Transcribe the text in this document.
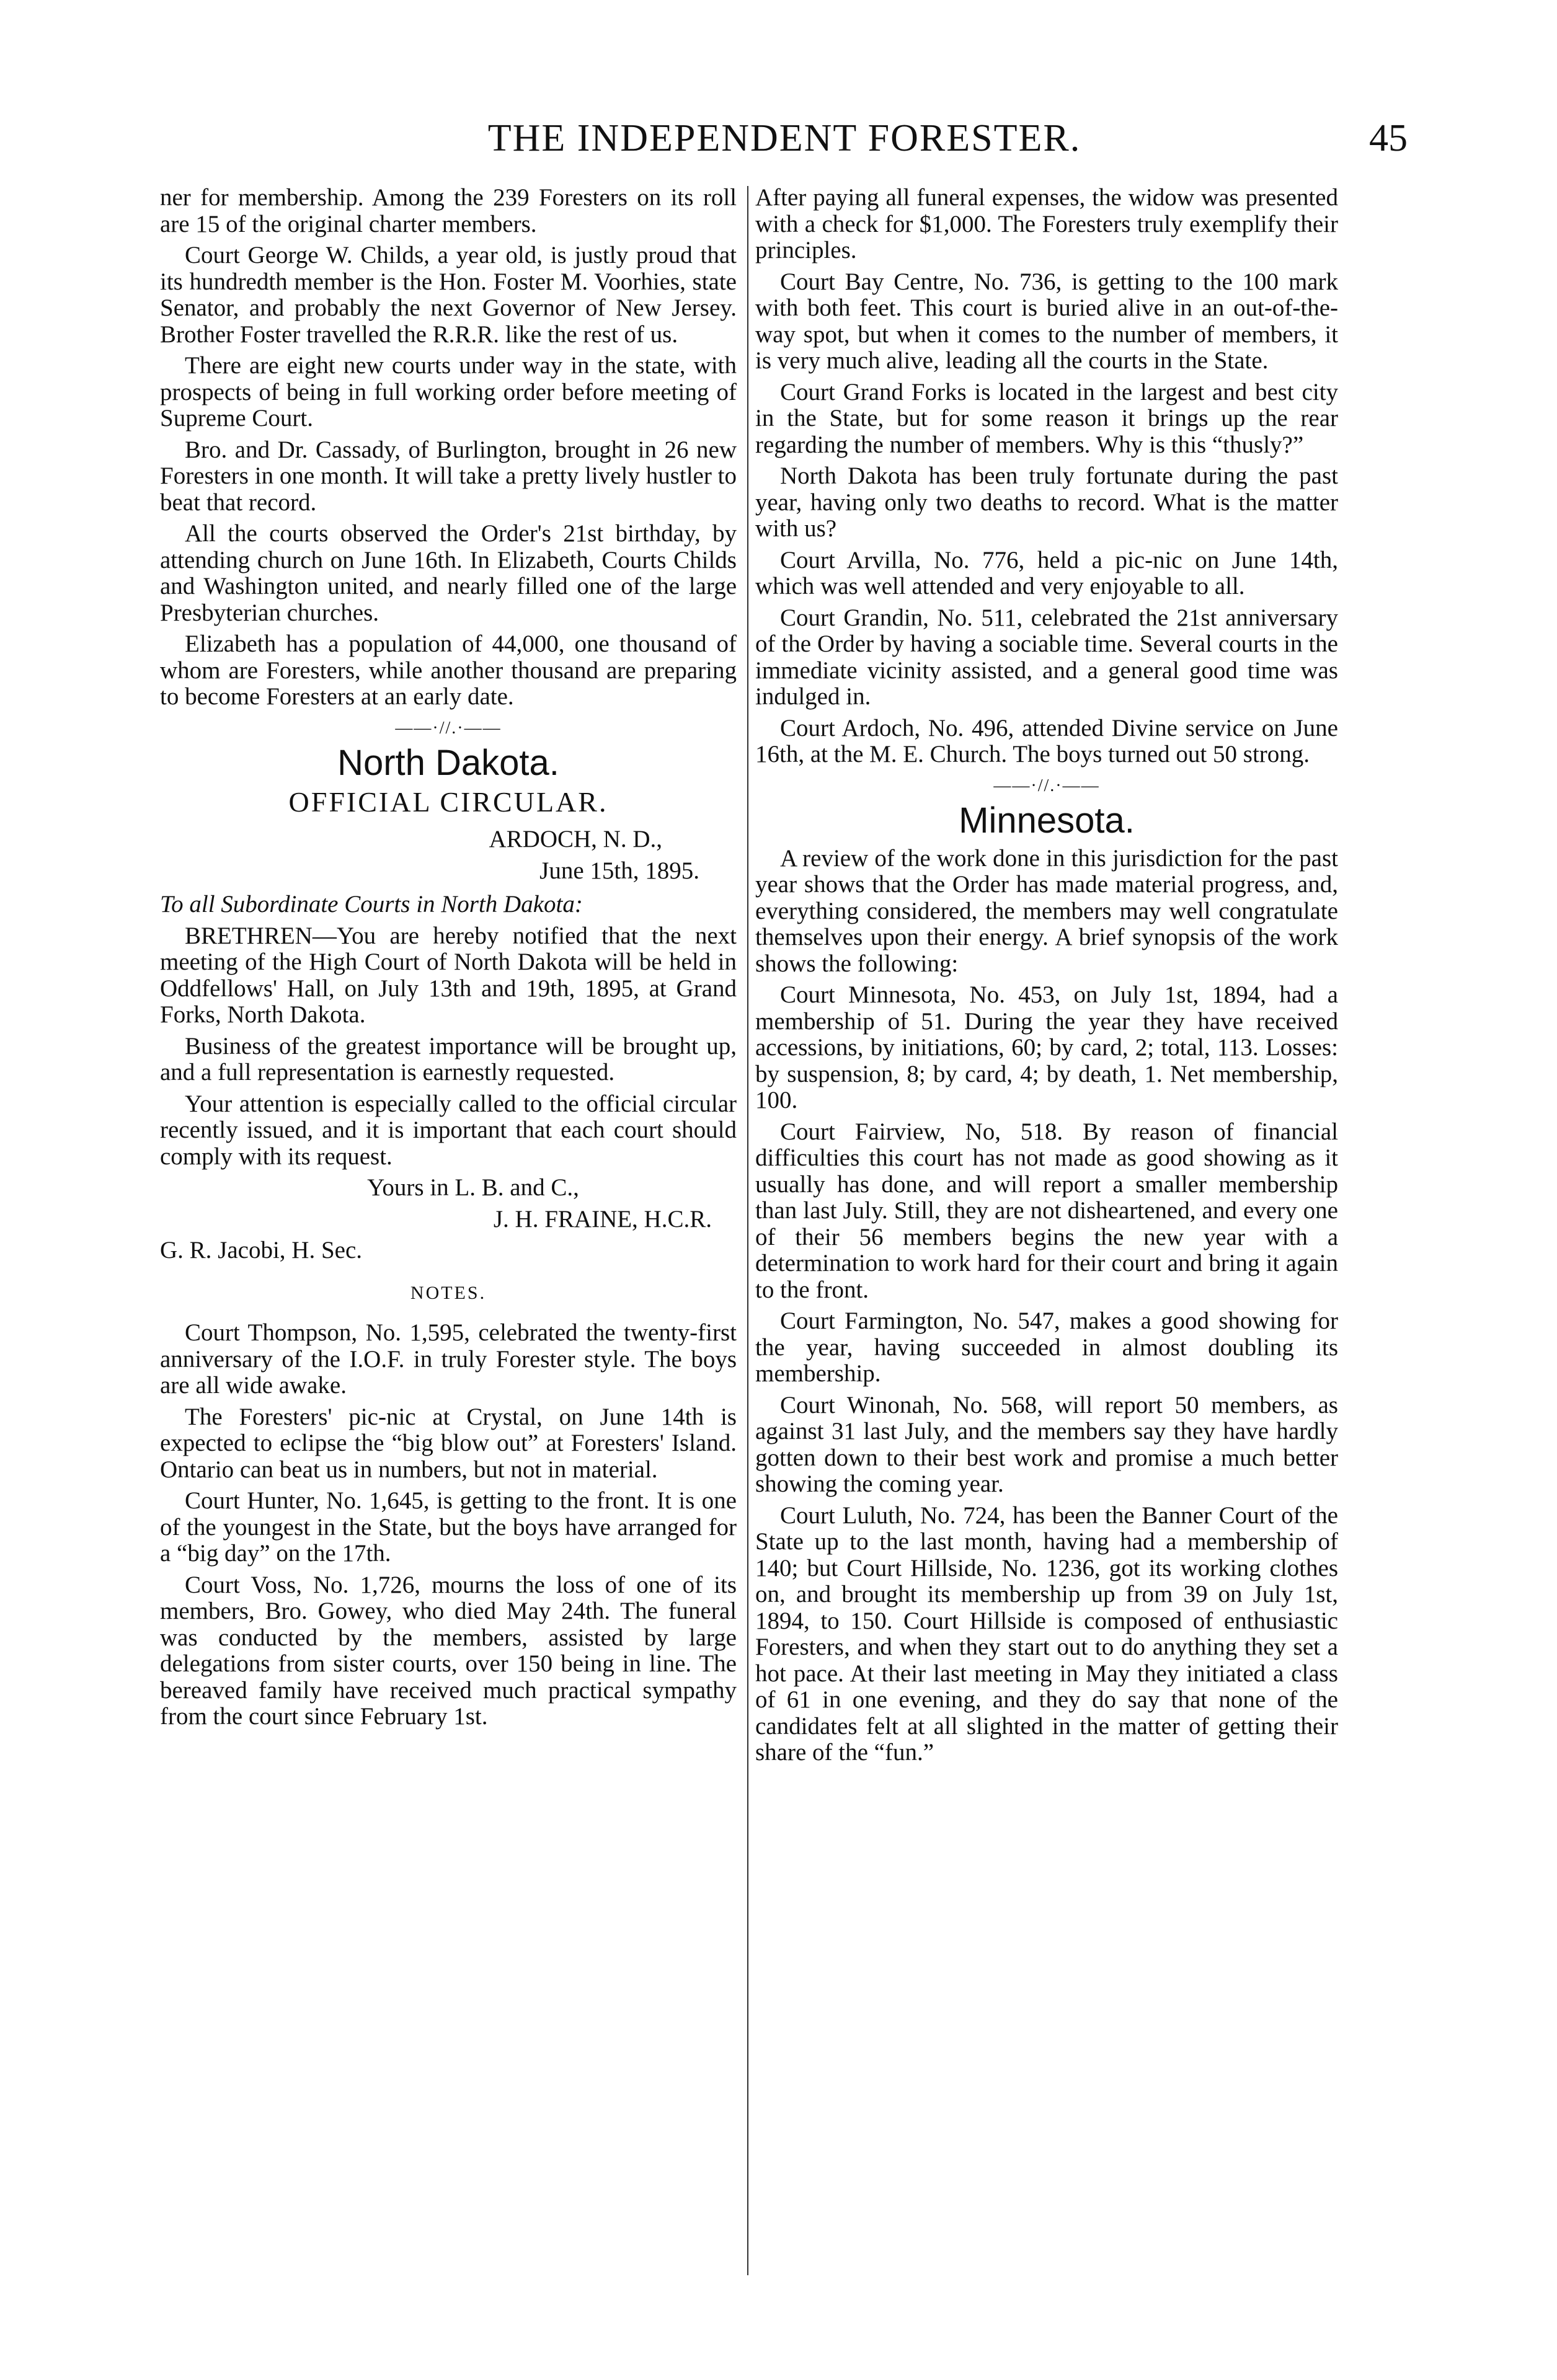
THE INDEPENDENT FORESTER.	45

ner for membership. Among the 239 Foresters on its roll are 15 of the original charter members.

Court George W. Childs, a year old, is justly proud that its hundredth member is the Hon. Foster M. Voorhies, state Senator, and probably the next Governor of New Jersey. Brother Foster travelled the R.R.R. like the rest of us.

There are eight new courts under way in the state, with prospects of being in full working order before meeting of Supreme Court.

Bro. and Dr. Cassady, of Burlington, brought in 26 new Foresters in one month. It will take a pretty lively hustler to beat that record.

All the courts observed the Order's 21st birthday, by attending church on June 16th. In Elizabeth, Courts Childs and Washington united, and nearly filled one of the large Presbyterian churches.

Elizabeth has a population of 44,000, one thousand of whom are Foresters, while another thousand are preparing to become Foresters at an early date.

——·//.·——
North Dakota.
OFFICIAL CIRCULAR.

ARDOCH, N. D.,

June 15th, 1895.

To all Subordinate Courts in North Dakota:

BRETHREN—You are hereby notified that the next meeting of the High Court of North Dakota will be held in Oddfellows' Hall, on July 13th and 19th, 1895, at Grand Forks, North Dakota.

Business of the greatest importance will be brought up, and a full representation is earnestly requested.

Your attention is especially called to the official circular recently issued, and it is important that each court should comply with its request.

Yours in L. B. and C.,

J. H. FRAINE, H.C.R.

G. R. Jacobi, H. Sec.

NOTES.

Court Thompson, No. 1,595, celebrated the twenty-first anniversary of the I.O.F. in truly Forester style. The boys are all wide awake.

The Foresters' pic-nic at Crystal, on June 14th is expected to eclipse the “big blow out” at Foresters' Island. Ontario can beat us in numbers, but not in material.

Court Hunter, No. 1,645, is getting to the front. It is one of the youngest in the State, but the boys have arranged for a “big day” on the 17th.

Court Voss, No. 1,726, mourns the loss of one of its members, Bro. Gowey, who died May 24th. The funeral was conducted by the members, assisted by large delegations from sister courts, over 150 being in line. The bereaved family have received much practical sympathy from the court since February 1st.

After paying all funeral expenses, the widow was presented with a check for $1,000. The Foresters truly exemplify their principles.

Court Bay Centre, No. 736, is getting to the 100 mark with both feet. This court is buried alive in an out-of-the-way spot, but when it comes to the number of members, it is very much alive, leading all the courts in the State.

Court Grand Forks is located in the largest and best city in the State, but for some reason it brings up the rear regarding the number of members. Why is this “thusly?”

North Dakota has been truly fortunate during the past year, having only two deaths to record. What is the matter with us?

Court Arvilla, No. 776, held a pic-nic on June 14th, which was well attended and very enjoyable to all.

Court Grandin, No. 511, celebrated the 21st anniversary of the Order by having a sociable time. Several courts in the immediate vicinity assisted, and a general good time was indulged in.

Court Ardoch, No. 496, attended Divine service on June 16th, at the M. E. Church. The boys turned out 50 strong.

——·//.·——
Minnesota.

A review of the work done in this jurisdiction for the past year shows that the Order has made material progress, and, everything considered, the members may well congratulate themselves upon their energy. A brief synopsis of the work shows the following:

Court Minnesota, No. 453, on July 1st, 1894, had a membership of 51. During the year they have received accessions, by initiations, 60; by card, 2; total, 113. Losses: by suspension, 8; by card, 4; by death, 1. Net membership, 100.

Court Fairview, No, 518. By reason of financial difficulties this court has not made as good showing as it usually has done, and will report a smaller membership than last July. Still, they are not disheartened, and every one of their 56 members begins the new year with a determination to work hard for their court and bring it again to the front.

Court Farmington, No. 547, makes a good showing for the year, having succeeded in almost doubling its membership.

Court Winonah, No. 568, will report 50 members, as against 31 last July, and the members say they have hardly gotten down to their best work and promise a much better showing the coming year.

Court Luluth, No. 724, has been the Banner Court of the State up to the last month, having had a membership of 140; but Court Hillside, No. 1236, got its working clothes on, and brought its membership up from 39 on July 1st, 1894, to 150. Court Hillside is composed of enthusiastic Foresters, and when they start out to do anything they set a hot pace. At their last meeting in May they initiated a class of 61 in one evening, and they do say that none of the candidates felt at all slighted in the matter of getting their share of the “fun.”
